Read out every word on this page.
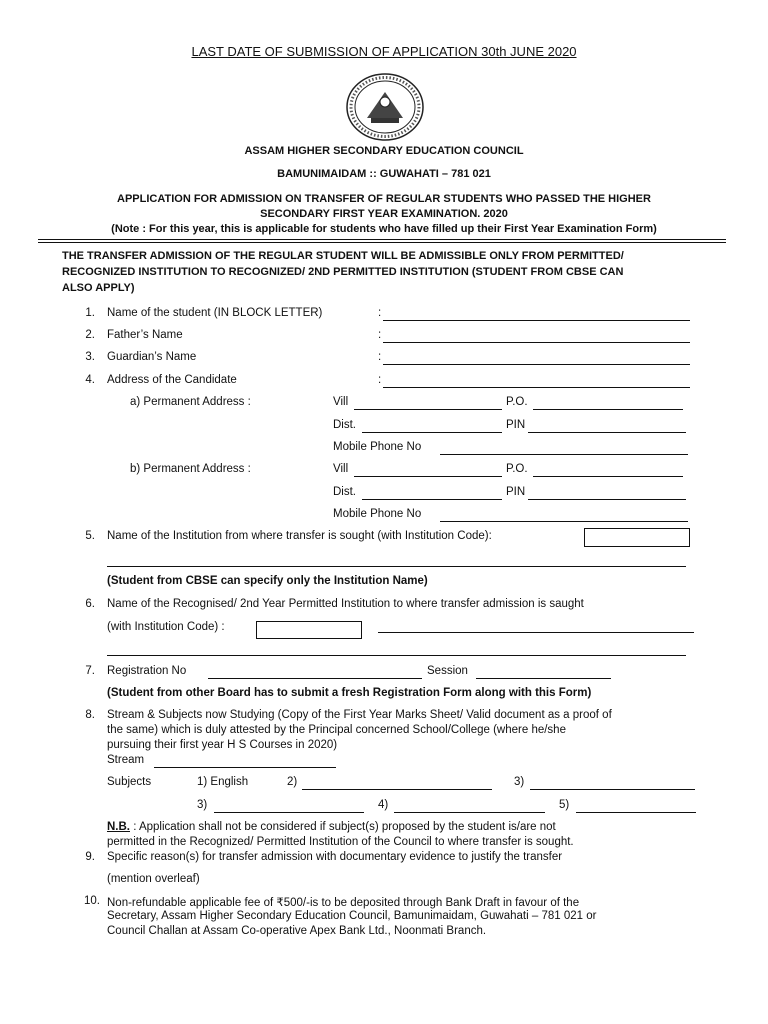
LAST DATE OF SUBMISSION OF APPLICATION 30th JUNE 2020
ASSAM HIGHER SECONDARY EDUCATION COUNCIL
BAMUNIMAIDAM :: GUWAHATI – 781 021
APPLICATION FOR ADMISSION ON TRANSFER OF REGULAR STUDENTS WHO PASSED THE HIGHER
SECONDARY FIRST YEAR EXAMINATION. 2020
(Note : For this year, this is applicable for students who have filled up their First Year Examination Form)
THE TRANSFER ADMISSION OF THE REGULAR STUDENT WILL BE ADMISSIBLE ONLY FROM PERMITTED/
RECOGNIZED INSTITUTION TO RECOGNIZED/ 2ND PERMITTED INSTITUTION (STUDENT FROM CBSE CAN
ALSO APPLY)
1. Name of the student (IN BLOCK LETTER)	:
2. Father’s Name	:
3. Guardian’s Name	:
4. Address of the Candidate	:
a) Permanent Address :	Vill	P.O.
Dist.	PIN
Mobile Phone No
b) Permanent Address :	Vill	P.O.
Dist.	PIN
Mobile Phone No
5. Name of the Institution from where transfer is sought (with Institution Code):
(Student from CBSE can specify only the Institution Name)
6. Name of the Recognised/ 2nd Year Permitted Institution to where transfer admission is saught
(with Institution Code) :
7. Registration No	Session
(Student from other Board has to submit a fresh Registration Form along with this Form)
8. Stream & Subjects now Studying (Copy of the First Year Marks Sheet/ Valid document as a proof of
the same) which is duly attested by the Principal concerned School/College (where he/she
pursuing their first year H S Courses in 2020)
Stream
Subjects	1) English	2)	3)
3)	4)	5)
N.B. : Application shall not be considered if subject(s) proposed by the student is/are not
permitted in the Recognized/ Permitted Institution of the Council to where transfer is sought.
9. Specific reason(s) for transfer admission with documentary evidence to justify the transfer
(mention overleaf)
10. Non-refundable applicable fee of ₹500/-is to be deposited through Bank Draft in favour of the
Secretary, Assam Higher Secondary Education Council, Bamunimaidam, Guwahati – 781 021 or
Council Challan at Assam Co-operative Apex Bank Ltd., Noonmati Branch.
